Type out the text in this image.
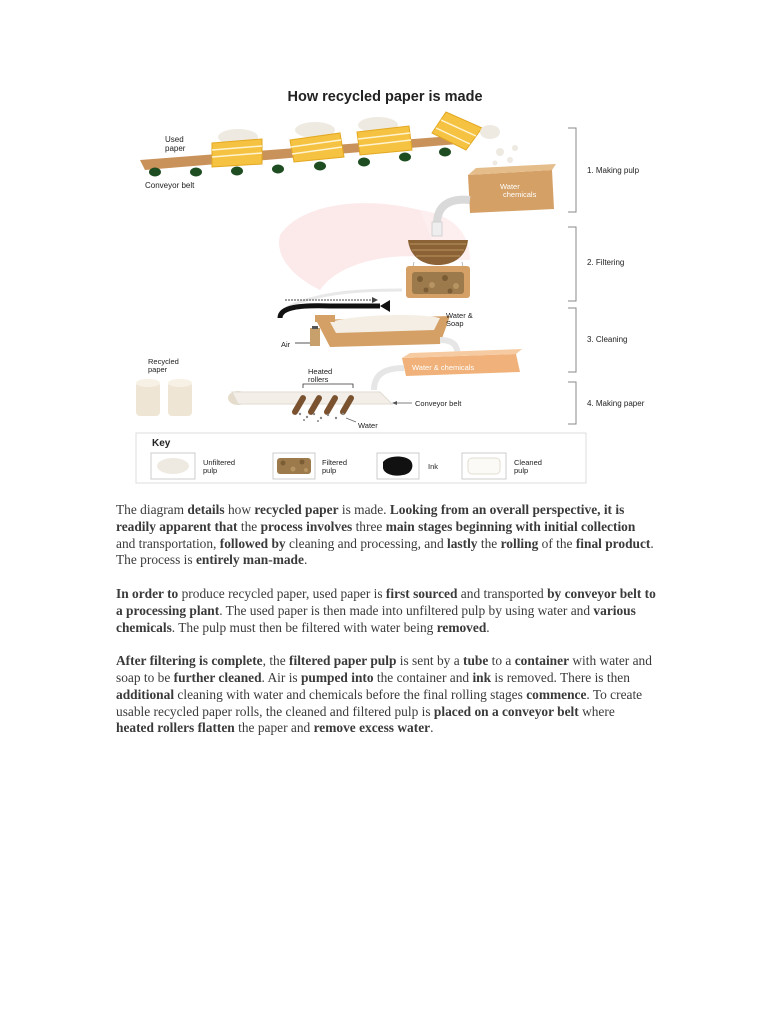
How recycled paper is made
Used paper
Conveyor belt	Water chemicals
Air
Water & Soap
Water & chemicals
Recycled paper	Heated rollers
Water
Conveyor belt
1. Making pulp
2. Filtering
3. Cleaning
4. Making paper
Key
Unfiltered pulp
Filtered pulp	Ink	Cleaned pulp

The diagram details how recycled paper is made. Looking from an overall perspective, it is readily apparent that the process involves three main stages beginning with initial collection and transportation, followed by cleaning and processing, and lastly the rolling of the final product. The process is entirely man-made.

In order to produce recycled paper, used paper is first sourced and transported by conveyor belt to a processing plant. The used paper is then made into unfiltered pulp by using water and various chemicals. The pulp must then be filtered with water being removed.

After filtering is complete, the filtered paper pulp is sent by a tube to a container with water and soap to be further cleaned. Air is pumped into the container and ink is removed. There is then additional cleaning with water and chemicals before the final rolling stages commence. To create usable recycled paper rolls, the cleaned and filtered pulp is placed on a conveyor belt where heated rollers flatten the paper and remove excess water.
